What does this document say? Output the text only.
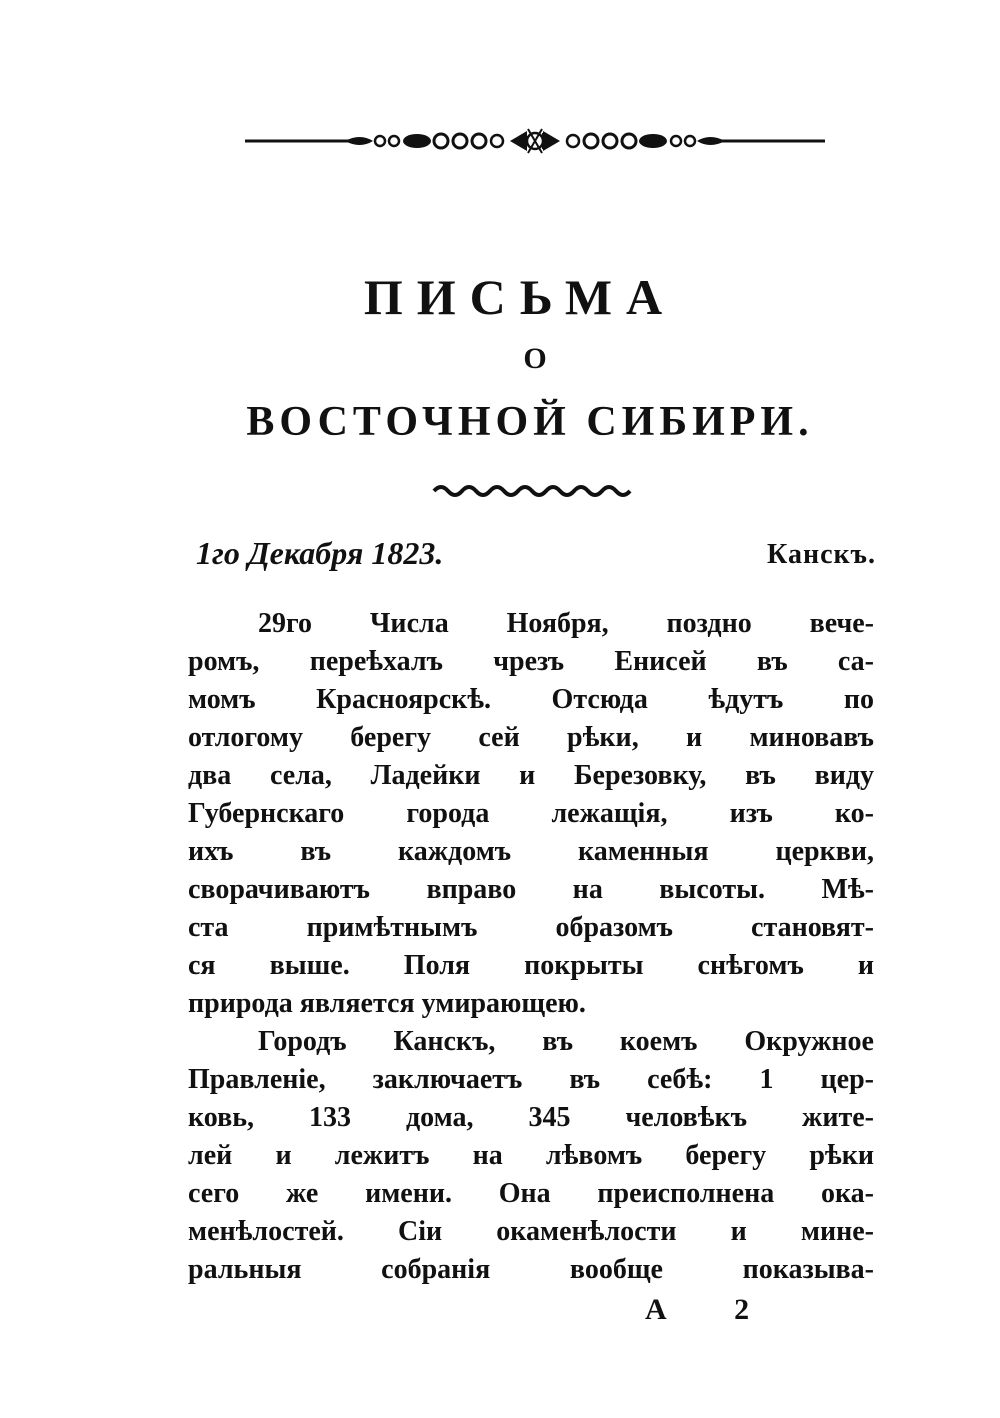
ПИСЬМА
О
ВОСТОЧНОЙ СИБИРИ.
1го Декабря 1823.	Канскъ.

29го Числа Ноября, поздно вече-

ромъ, переѣхалъ чрезъ Енисей въ са-

момъ Красноярскѣ. Отсюда ѣдутъ по

отлогому берегу сей рѣки, и миновавъ

два села, Ладейки и Березовку, въ виду

Губернскаго города лежащія, изъ ко-

ихъ въ каждомъ каменныя церкви,

сворачиваютъ вправо на высоты. Мѣ-

ста примѣтнымъ образомъ становят-

ся выше. Поля покрыты снѣгомъ и

природа является умирающею.

Городъ Канскъ, въ коемъ Окружное

Правленіе, заключаетъ въ себѣ: 1 цер-

ковь, 133 дома, 345 человѣкъ жите-

лей и лежитъ на лѣвомъ берегу рѣки

сего же имени. Она преисполнена ока-

менѣлостей. Сіи окаменѣлости и мине-

ральныя собранія вообще показыва-

А 2
